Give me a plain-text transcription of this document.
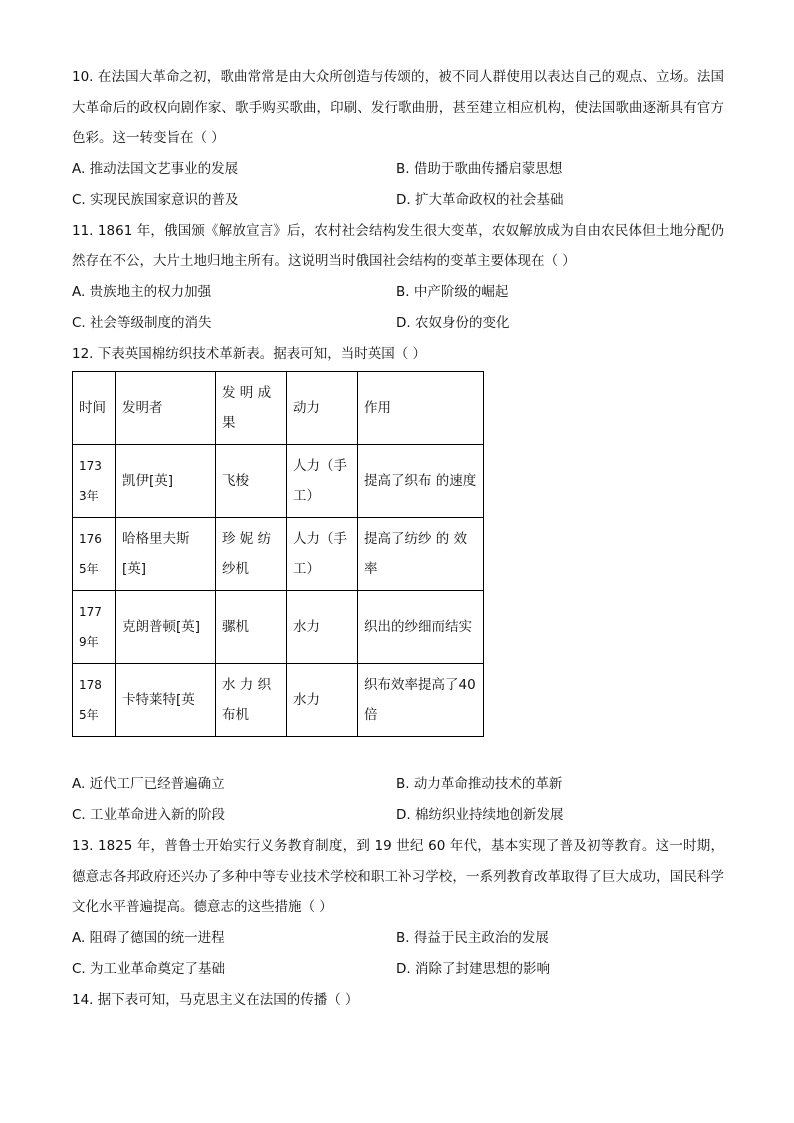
10. 在法国大革命之初，歌曲常常是由大众所创造与传颂的，被不同人群使用以表达自己的观点、立场。法国大革命后的政权向剧作家、歌手购买歌曲，印刷、发行歌曲册，甚至建立相应机构，使法国歌曲逐渐具有官方色彩。这一转变旨在（ ）

A. 推动法国文艺事业的发展	B. 借助于歌曲传播启蒙思想
C. 实现民族国家意识的普及	D. 扩大革命政权的社会基础

11. 1861 年，俄国颁《解放宣言》后，农村社会结构发生很大变革，农奴解放成为自由农民体但土地分配仍然存在不公，大片土地归地主所有。这说明当时俄国社会结构的变革主要体现在（ ）

A. 贵族地主的权力加强	B. 中产阶级的崛起
C. 社会等级制度的消失	D. 农奴身份的变化

12. 下表英国棉纺织技术革新表。据表可知，当时英国（ ）

时间	发明者	发 明 成果	动力	作用
1733年	凯伊[英]	飞梭	人力（手工）	提高了织布 的速度
1765年	哈格里夫斯[英]	珍 妮 纺纱机	人力（手工）	提高了纺纱 的 效率
1779年	克朗普顿[英]	骡机	水力	织出的纱细而结实
1785年	卡特莱特[英	水 力 织布机	水力	织布效率提高了40倍
A. 近代工厂已经普遍确立	B. 动力革命推动技术的革新
C. 工业革命进入新的阶段	D. 棉纺织业持续地创新发展

13. 1825 年，普鲁士开始实行义务教育制度，到 19 世纪 60 年代，基本实现了普及初等教育。这一时期，德意志各邦政府还兴办了多种中等专业技术学校和职工补习学校，一系列教育改革取得了巨大成功，国民科学文化水平普遍提高。德意志的这些措施（ ）

A. 阻碍了德国的统一进程	B. 得益于民主政治的发展
C. 为工业革命奠定了基础	D. 消除了封建思想的影响

14. 据下表可知，马克思主义在法国的传播（ ）
